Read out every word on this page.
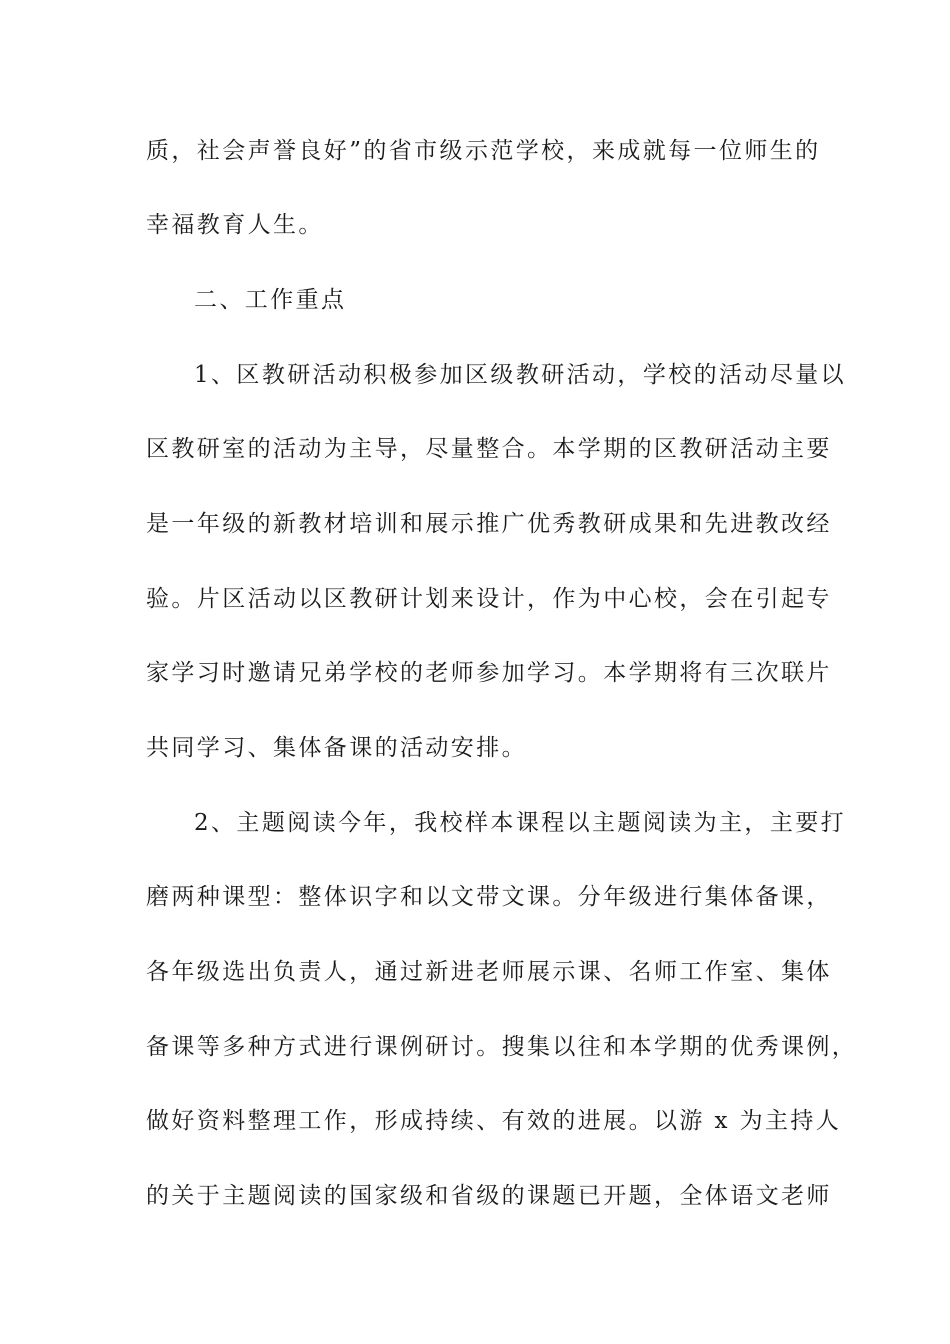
质，社会声誉良好”的省市级示范学校，来成就每一位师生的
幸福教育人生。
二、工作重点
1、区教研活动积极参加区级教研活动，学校的活动尽量以
区教研室的活动为主导，尽量整合。本学期的区教研活动主要
是一年级的新教材培训和展示推广优秀教研成果和先进教改经
验。片区活动以区教研计划来设计，作为中心校，会在引起专
家学习时邀请兄弟学校的老师参加学习。本学期将有三次联片
共同学习、集体备课的活动安排。
2、主题阅读今年，我校样本课程以主题阅读为主，主要打
磨两种课型：整体识字和以文带文课。分年级进行集体备课，
各年级选出负责人，通过新进老师展示课、名师工作室、集体
备课等多种方式进行课例研讨。搜集以往和本学期的优秀课例，
做好资料整理工作，形成持续、有效的进展。以游 x 为主持人
的关于主题阅读的国家级和省级的课题已开题，全体语文老师
